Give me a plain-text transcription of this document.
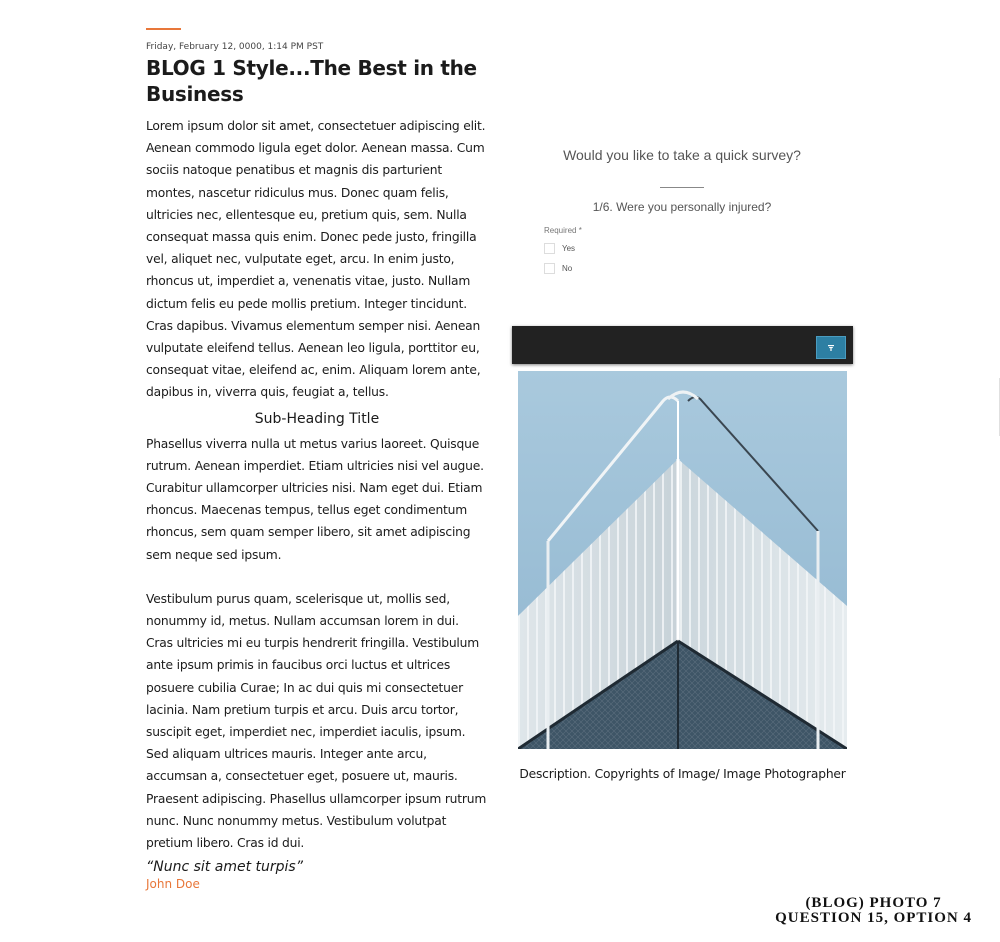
Friday, February 12, 0000, 1:14 PM PST

BLOG 1 Style...The Best in the Business

Lorem ipsum dolor sit amet, consectetuer adipiscing elit. Aenean commodo ligula eget dolor. Aenean massa. Cum sociis natoque penatibus et magnis dis parturient montes, nascetur ridiculus mus. Donec quam felis, ultricies nec, ellentesque eu, pretium quis, sem. Nulla consequat massa quis enim. Donec pede justo, fringilla vel, aliquet nec, vulputate eget, arcu. In enim justo, rhoncus ut, imperdiet a, venenatis vitae, justo. Nullam dictum felis eu pede mollis pretium. Integer tincidunt. Cras dapibus. Vivamus elementum semper nisi. Aenean vulputate eleifend tellus. Aenean leo ligula, porttitor eu, consequat vitae, eleifend ac, enim. Aliquam lorem ante, dapibus in, viverra quis, feugiat a, tellus.

Sub-Heading Title

Phasellus viverra nulla ut metus varius laoreet. Quisque rutrum. Aenean imperdiet. Etiam ultricies nisi vel augue. Curabitur ullamcorper ultricies nisi. Nam eget dui. Etiam rhoncus. Maecenas tempus, tellus eget condimentum rhoncus, sem quam semper libero, sit amet adipiscing sem neque sed ipsum.

Vestibulum purus quam, scelerisque ut, mollis sed, nonummy id, metus. Nullam accumsan lorem in dui. Cras ultricies mi eu turpis hendrerit fringilla. Vestibulum ante ipsum primis in faucibus orci luctus et ultrices posuere cubilia Curae; In ac dui quis mi consectetuer lacinia. Nam pretium turpis et arcu. Duis arcu tortor, suscipit eget, imperdiet nec, imperdiet iaculis, ipsum. Sed aliquam ultrices mauris. Integer ante arcu, accumsan a, consectetuer eget, posuere ut, mauris. Praesent adipiscing. Phasellus ullamcorper ipsum rutrum nunc. Nunc nonummy metus. Vestibulum volutpat pretium libero. Cras id dui.

“Nunc sit amet turpis”

John Doe

Would you like to take a quick survey?

1/6. Were you personally injured?

Required *

Yes
No

Description. Copyrights of Image/ Image Photographer

(BLOG) PHOTO 7
QUESTION 15, OPTION 4
